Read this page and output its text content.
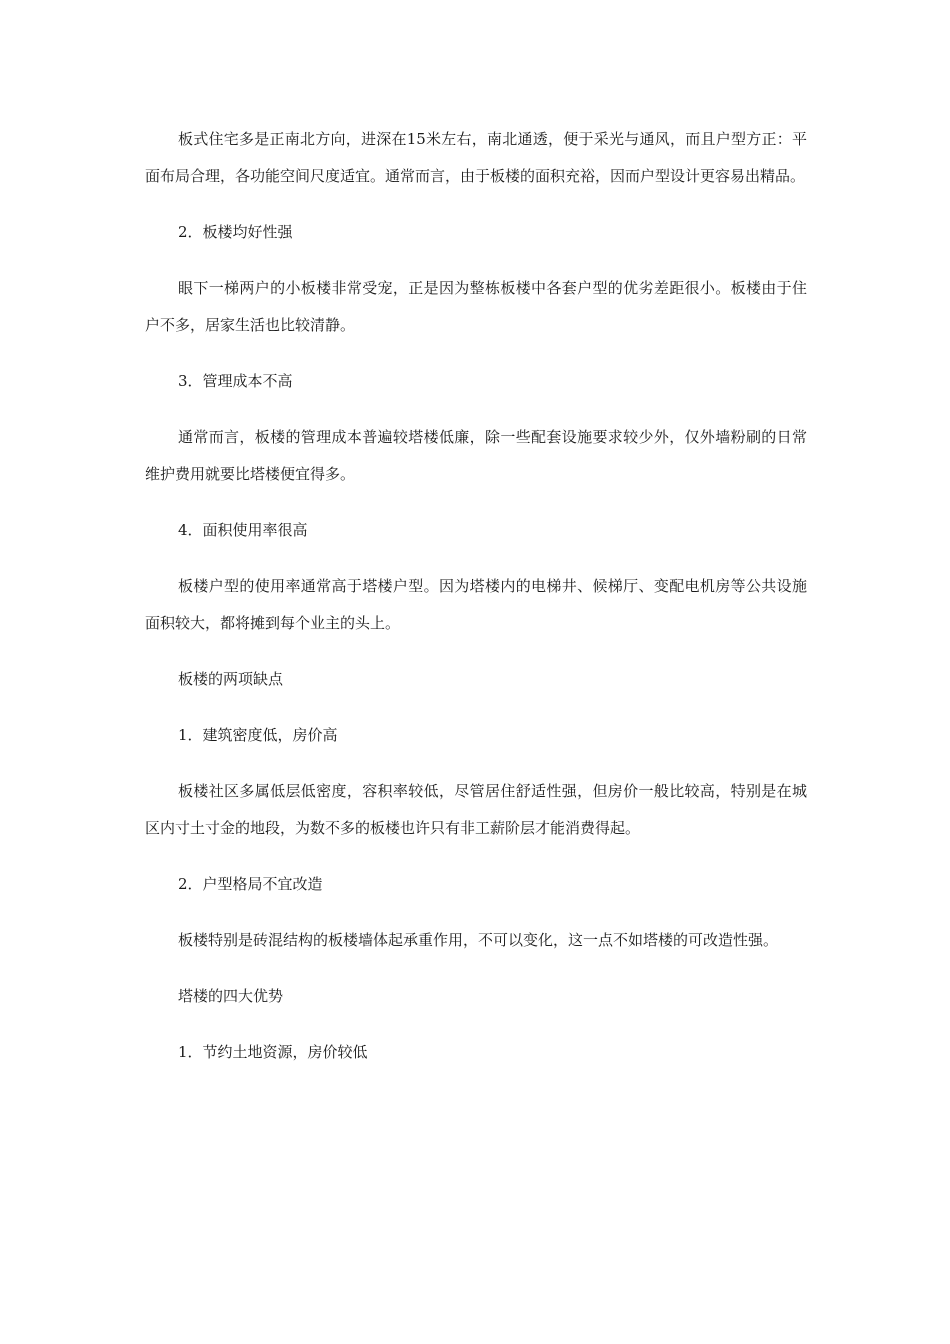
板式住宅多是正南北方向，进深在15米左右，南北通透，便于采光与通风，而且户型方正：平面布局合理，各功能空间尺度适宜。通常而言，由于板楼的面积充裕，因而户型设计更容易出精品。

2．板楼均好性强

眼下一梯两户的小板楼非常受宠，正是因为整栋板楼中各套户型的优劣差距很小。板楼由于住户不多，居家生活也比较清静。

3．管理成本不高

通常而言，板楼的管理成本普遍较塔楼低廉，除一些配套设施要求较少外，仅外墙粉刷的日常维护费用就要比塔楼便宜得多。

4．面积使用率很高

板楼户型的使用率通常高于塔楼户型。因为塔楼内的电梯井、候梯厅、变配电机房等公共设施面积较大，都将摊到每个业主的头上。

板楼的两项缺点

1．建筑密度低，房价高

板楼社区多属低层低密度，容积率较低，尽管居住舒适性强，但房价一般比较高，特别是在城区内寸土寸金的地段，为数不多的板楼也许只有非工薪阶层才能消费得起。

2．户型格局不宜改造

板楼特别是砖混结构的板楼墙体起承重作用，不可以变化，这一点不如塔楼的可改造性强。

塔楼的四大优势

1．节约土地资源，房价较低
